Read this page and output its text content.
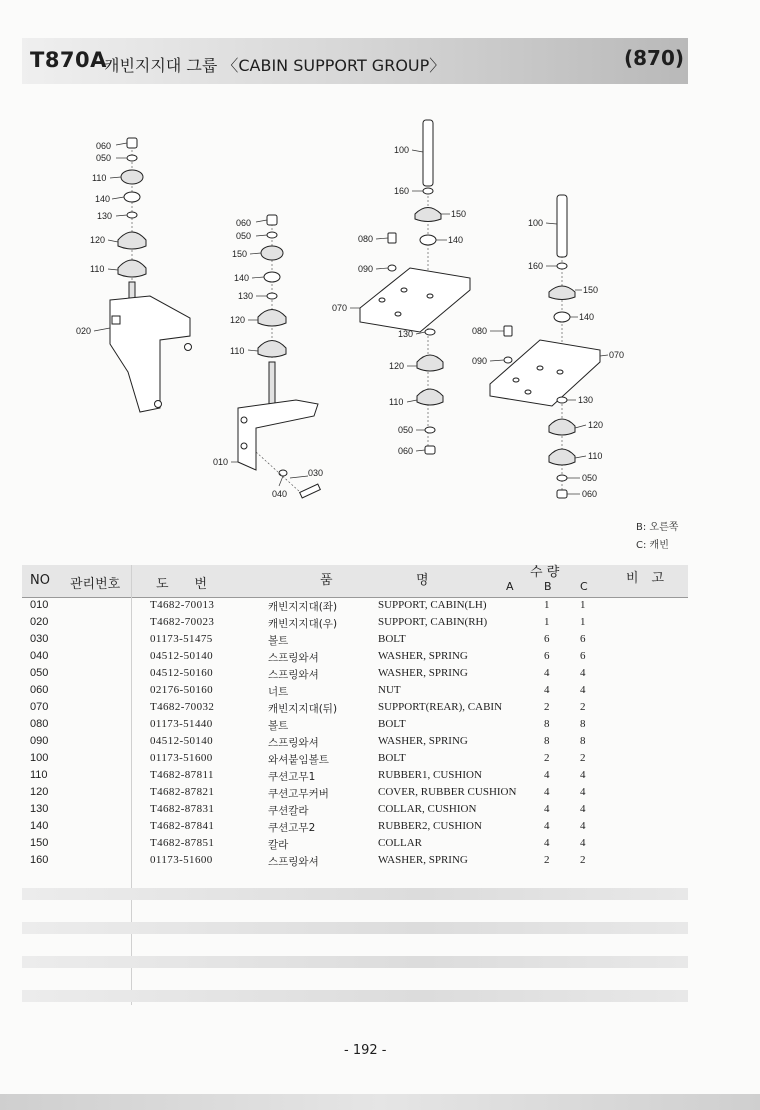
T870A
캐빈지지대 그룹 〈CABIN SUPPORT GROUP〉	(870)
060
050
110
140
130
120
110
020
060
050
150
140
130
120
110
010
030
040
100
160
150
080	140
090
070
130
120
110
050
060
100
160
150
140
080
090
070
130
120
110
050
060
B: 오른쪽
C: 캐빈
NO 관리번호	도　　번	품	명
수 량
A	B	C
비　고
010	T4682-70013	캐빈지지대(좌)	SUPPORT, CABIN(LH)	1	1
020	T4682-70023	캐빈지지대(우)	SUPPORT, CABIN(RH)	1	1
030	01173-51475	볼트	BOLT	6	6
040	04512-50140	스프링와셔	WASHER, SPRING	6	6
050	04512-50160	스프링와셔	WASHER, SPRING	4	4
060	02176-50160	너트	NUT	4	4
070	T4682-70032	캐빈지지대(뒤)	SUPPORT(REAR), CABIN	2	2
080	01173-51440	볼트	BOLT	8	8
090	04512-50140	스프링와셔	WASHER, SPRING	8	8
100	01173-51600	와셔붙임볼트	BOLT	2	2
110	T4682-87811	쿠션고무1	RUBBER1, CUSHION	4	4
120	T4682-87821	쿠션고무커버	COVER, RUBBER CUSHION	4	4
130	T4682-87831	쿠션칼라	COLLAR, CUSHION	4	4
140	T4682-87841	쿠션고무2	RUBBER2, CUSHION	4	4
150	T4682-87851	칼라	COLLAR	4	4
160	01173-51600	스프링와셔	WASHER, SPRING	2	2
- 192 -
